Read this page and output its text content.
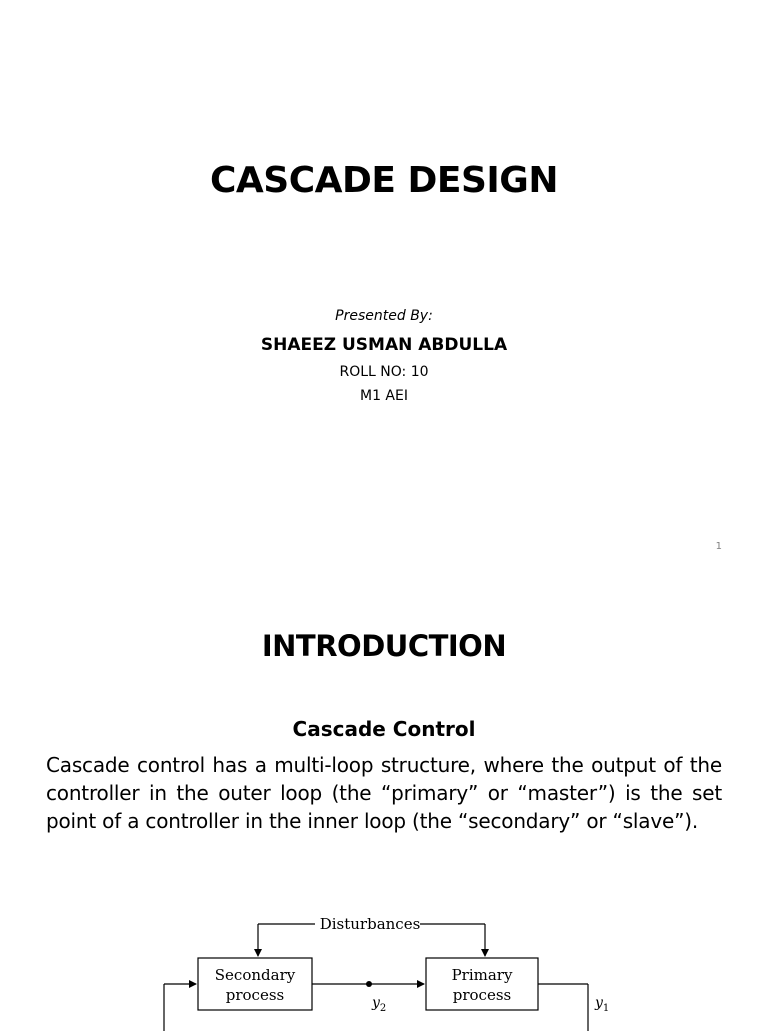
CASCADE DESIGN
Presented By:
SHAEEZ USMAN ABDULLA
ROLL NO: 10
M1 AEI
1
INTRODUCTION
Cascade Control
Cascade control has a multi-loop structure, where the output of the controller in the outer loop (the “primary” or “master”) is the set point of a controller in the inner loop (the “secondary” or “slave”).
Disturbances
Secondary
process
Primary
process
$y_2$	$y_1$
